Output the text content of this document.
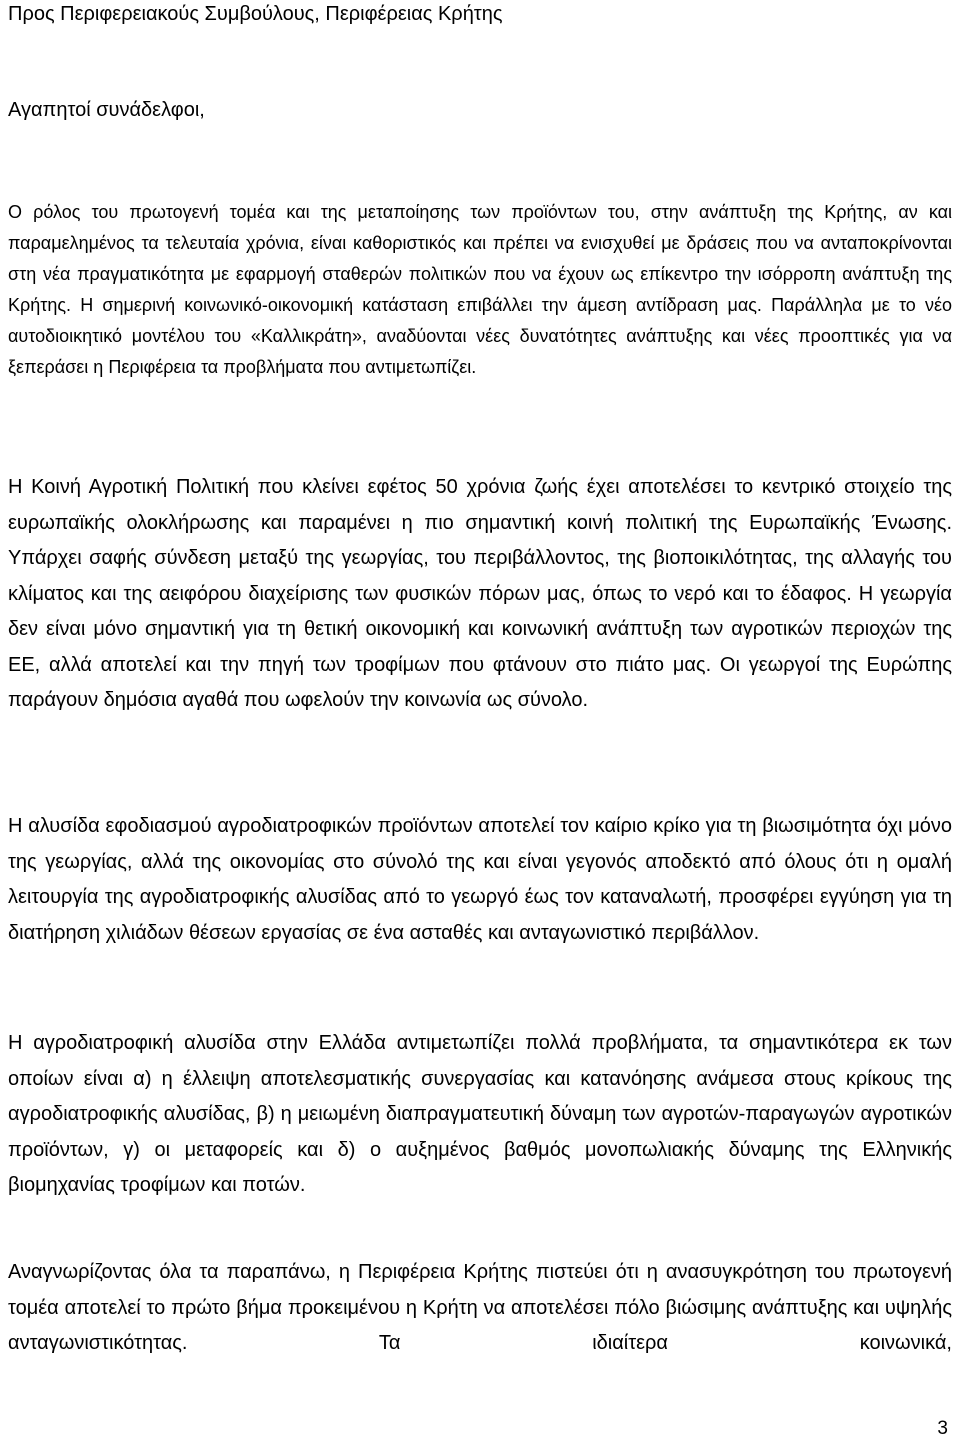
Προς Περιφερειακούς Συμβούλους, Περιφέρειας Κρήτης

Αγαπητοί συνάδελφοι,

Ο ρόλος του πρωτογενή τομέα και της μεταποίησης των προϊόντων του, στην ανάπτυξη της Κρήτης, αν και παραμελημένος τα τελευταία χρόνια, είναι καθοριστικός και πρέπει να ενισχυθεί με δράσεις που να ανταποκρίνονται στη νέα πραγματικότητα με εφαρμογή σταθερών πολιτικών που να έχουν ως επίκεντρο την ισόρροπη ανάπτυξη της Κρήτης. Η σημερινή κοινωνικό-οικονομική κατάσταση επιβάλλει την άμεση αντίδραση μας. Παράλληλα με το νέο αυτοδιοικητικό μοντέλου του «Καλλικράτη», αναδύονται νέες δυνατότητες ανάπτυξης και νέες προοπτικές για να ξεπεράσει η Περιφέρεια τα προβλήματα που αντιμετωπίζει.

Η Κοινή Αγροτική Πολιτική που κλείνει εφέτος 50 χρόνια ζωής έχει αποτελέσει το κεντρικό στοιχείο της ευρωπαϊκής ολοκλήρωσης και παραμένει η πιο σημαντική κοινή πολιτική της Ευρωπαϊκής Ένωσης. Υπάρχει σαφής σύνδεση μεταξύ της γεωργίας, του περιβάλλοντος, της βιοποικιλότητας, της αλλαγής του κλίματος και της αειφόρου διαχείρισης των φυσικών πόρων μας, όπως το νερό και το έδαφος. Η γεωργία δεν είναι μόνο σημαντική για τη θετική οικονομική και κοινωνική ανάπτυξη των αγροτικών περιοχών της ΕΕ, αλλά αποτελεί και την πηγή των τροφίμων που φτάνουν στο πιάτο μας. Οι γεωργοί της Ευρώπης παράγουν δημόσια αγαθά που ωφελούν την κοινωνία ως σύνολο.

Η αλυσίδα εφοδιασμού αγροδιατροφικών προϊόντων αποτελεί τον καίριο κρίκο για τη βιωσιμότητα όχι μόνο της γεωργίας, αλλά της οικονομίας στο σύνολό της και είναι γεγονός αποδεκτό από όλους ότι η ομαλή λειτουργία της αγροδιατροφικής αλυσίδας από το γεωργό έως τον καταναλωτή, προσφέρει εγγύηση για τη διατήρηση χιλιάδων θέσεων εργασίας σε ένα ασταθές και ανταγωνιστικό περιβάλλον.

Η αγροδιατροφική αλυσίδα στην Ελλάδα αντιμετωπίζει πολλά προβλήματα, τα σημαντικότερα εκ των οποίων είναι α) η έλλειψη αποτελεσματικής συνεργασίας και κατανόησης ανάμεσα στους κρίκους της αγροδιατροφικής αλυσίδας, β) η μειωμένη διαπραγματευτική δύναμη των αγροτών-παραγωγών αγροτικών προϊόντων, γ) οι μεταφορείς και δ) ο αυξημένος βαθμός μονοπωλιακής δύναμης της Ελληνικής βιομηχανίας τροφίμων και ποτών.

Αναγνωρίζοντας όλα τα παραπάνω, η Περιφέρεια Κρήτης πιστεύει ότι η ανασυγκρότηση του πρωτογενή τομέα αποτελεί το πρώτο βήμα προκειμένου η Κρήτη να αποτελέσει πόλο βιώσιμης ανάπτυξης και υψηλής ανταγωνιστικότητας. Τα ιδιαίτερα κοινωνικά,

3
